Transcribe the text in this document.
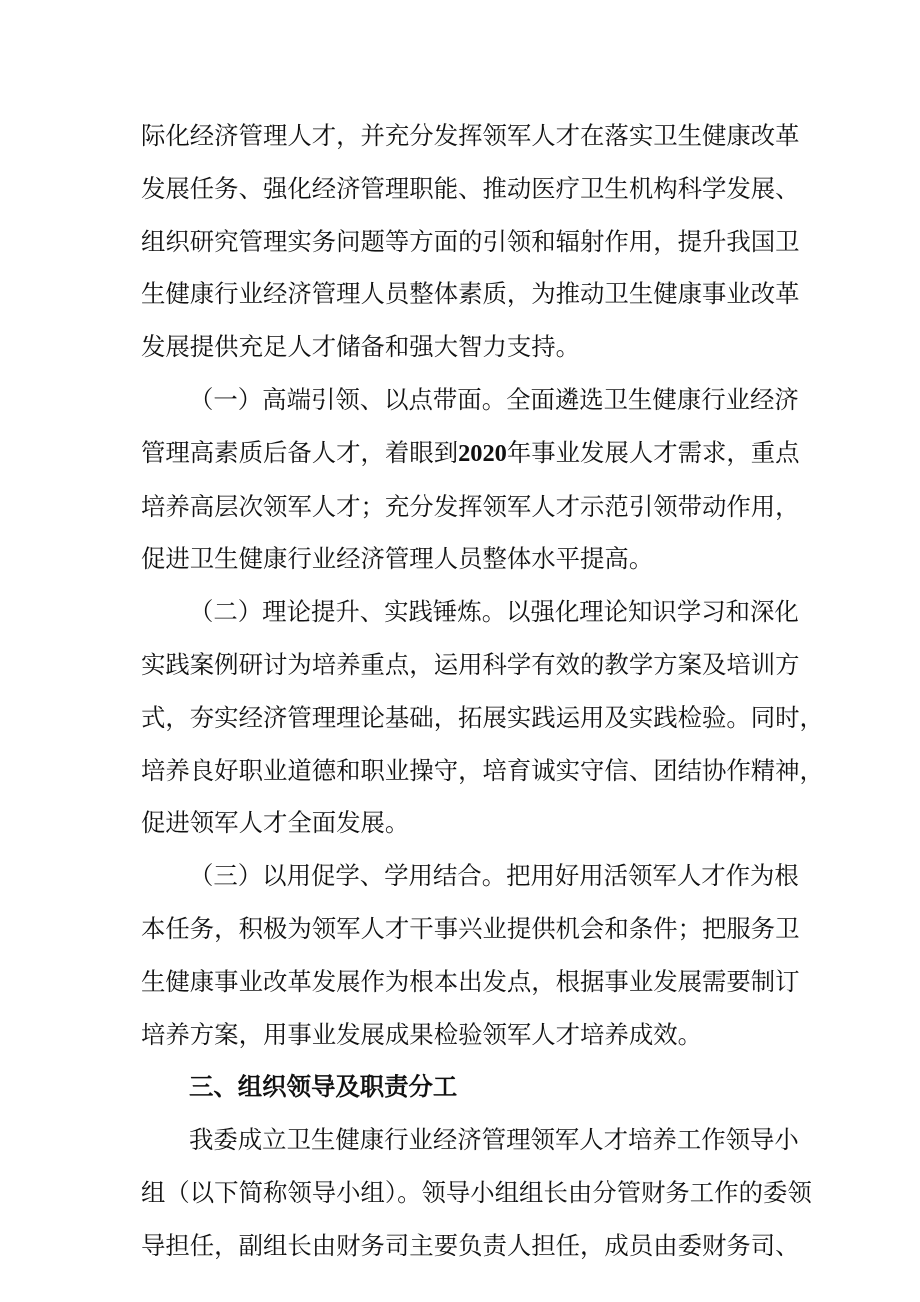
际化经济管理人才，并充分发挥领军人才在落实卫生健康改革
发展任务、强化经济管理职能、推动医疗卫生机构科学发展、
组织研究管理实务问题等方面的引领和辐射作用，提升我国卫
生健康行业经济管理人员整体素质，为推动卫生健康事业改革
发展提供充足人才储备和强大智力支持。

（一）高端引领、以点带面。全面遴选卫生健康行业经济
管理高素质后备人才，着眼到2020年事业发展人才需求，重点
培养高层次领军人才；充分发挥领军人才示范引领带动作用，
促进卫生健康行业经济管理人员整体水平提高。

（二）理论提升、实践锤炼。以强化理论知识学习和深化
实践案例研讨为培养重点，运用科学有效的教学方案及培训方
式，夯实经济管理理论基础，拓展实践运用及实践检验。同时，
培养良好职业道德和职业操守，培育诚实守信、团结协作精神，
促进领军人才全面发展。

（三）以用促学、学用结合。把用好用活领军人才作为根
本任务，积极为领军人才干事兴业提供机会和条件；把服务卫
生健康事业改革发展作为根本出发点，根据事业发展需要制订
培养方案，用事业发展成果检验领军人才培养成效。

三、组织领导及职责分工

我委成立卫生健康行业经济管理领军人才培养工作领导小
组（以下简称领导小组）。领导小组组长由分管财务工作的委领
导担任，副组长由财务司主要负责人担任，成员由委财务司、
